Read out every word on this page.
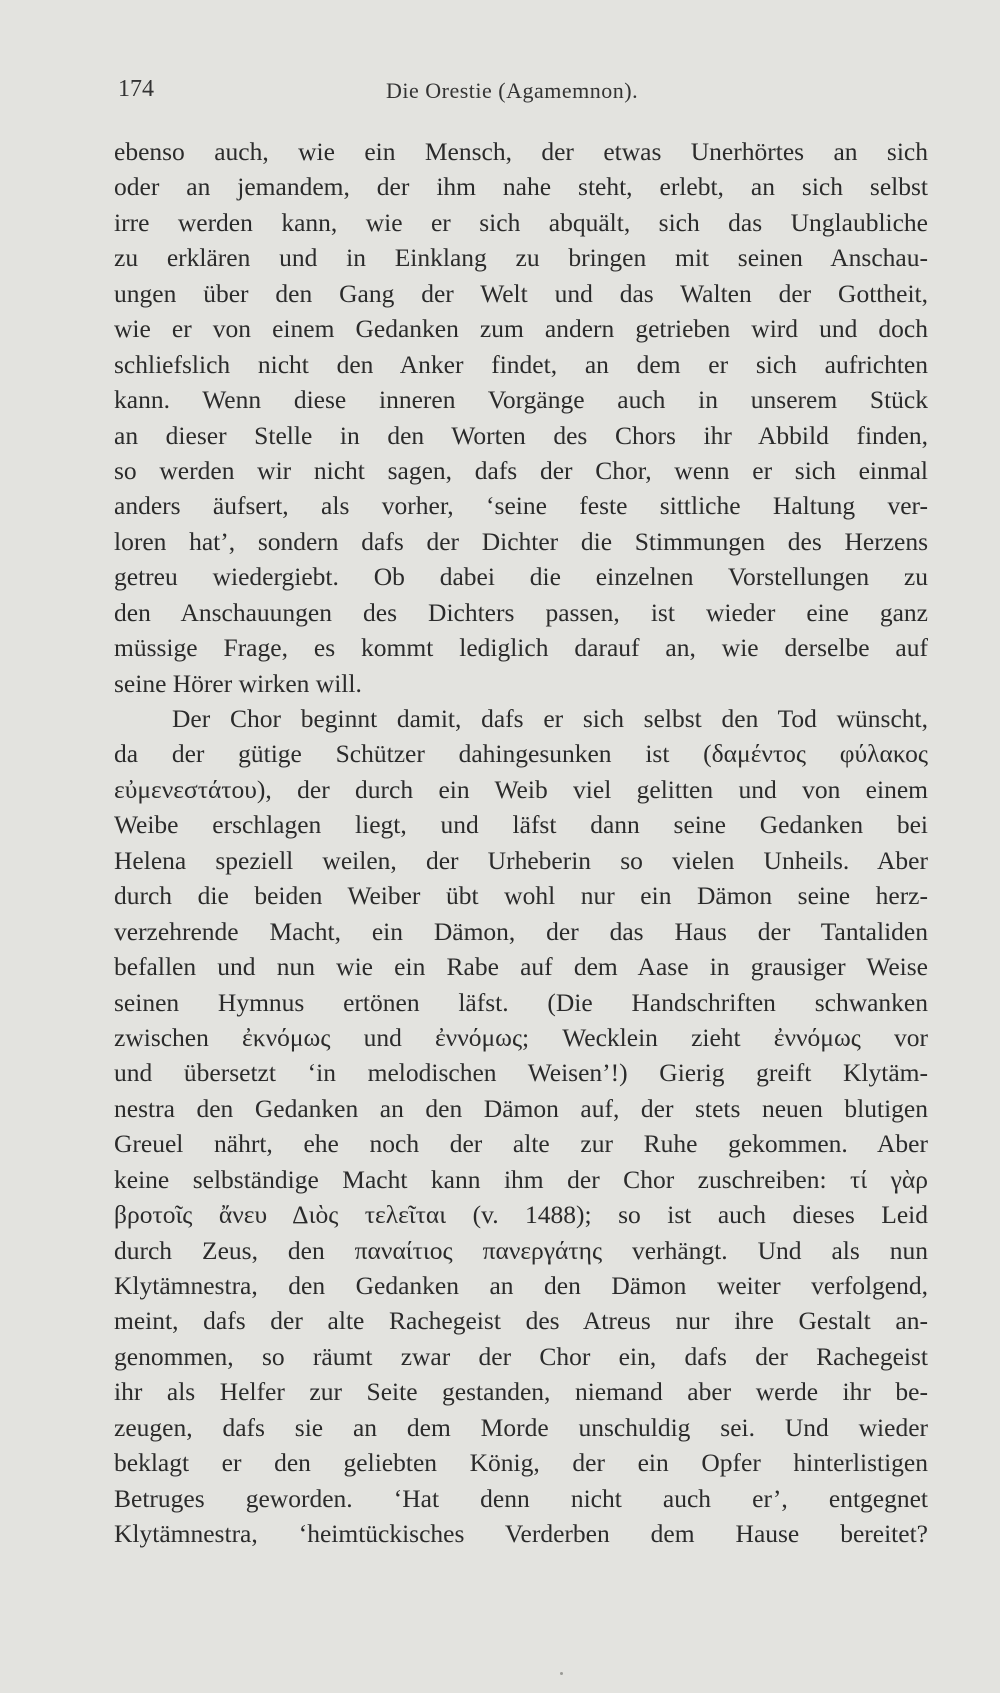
174	Die Orestie (Agamemnon).
ebenso auch, wie ein Mensch, der etwas Unerhörtes an sich
oder an jemandem, der ihm nahe steht, erlebt, an sich selbst
irre werden kann, wie er sich abquält, sich das Unglaubliche
zu erklären und in Einklang zu bringen mit seinen Anschau-
ungen über den Gang der Welt und das Walten der Gottheit,
wie er von einem Gedanken zum andern getrieben wird und doch
schliefslich nicht den Anker findet, an dem er sich aufrichten
kann. Wenn diese inneren Vorgänge auch in unserem Stück
an dieser Stelle in den Worten des Chors ihr Abbild finden,
so werden wir nicht sagen, dafs der Chor, wenn er sich einmal
anders äufsert, als vorher, ‘seine feste sittliche Haltung ver-
loren hat’, sondern dafs der Dichter die Stimmungen des Herzens
getreu wiedergiebt. Ob dabei die einzelnen Vorstellungen zu
den Anschauungen des Dichters passen, ist wieder eine ganz
müssige Frage, es kommt lediglich darauf an, wie derselbe auf
seine Hörer wirken will.
Der Chor beginnt damit, dafs er sich selbst den Tod wünscht,
da der gütige Schützer dahingesunken ist (δαμέντος φύλακος
εὐμενεστάτου), der durch ein Weib viel gelitten und von einem
Weibe erschlagen liegt, und läfst dann seine Gedanken bei
Helena speziell weilen, der Urheberin so vielen Unheils. Aber
durch die beiden Weiber übt wohl nur ein Dämon seine herz-
verzehrende Macht, ein Dämon, der das Haus der Tantaliden
befallen und nun wie ein Rabe auf dem Aase in grausiger Weise
seinen Hymnus ertönen läfst. (Die Handschriften schwanken
zwischen ἐκνόμως und ἐννόμως; Wecklein zieht ἐννόμως vor
und übersetzt ‘in melodischen Weisen’!) Gierig greift Klytäm-
nestra den Gedanken an den Dämon auf, der stets neuen blutigen
Greuel nährt, ehe noch der alte zur Ruhe gekommen. Aber
keine selbständige Macht kann ihm der Chor zuschreiben: τί γὰρ
βροτοῖς ἄνευ Διὸς τελεῖται (v. 1488); so ist auch dieses Leid
durch Zeus, den παναίτιος πανεργάτης verhängt. Und als nun
Klytämnestra, den Gedanken an den Dämon weiter verfolgend,
meint, dafs der alte Rachegeist des Atreus nur ihre Gestalt an-
genommen, so räumt zwar der Chor ein, dafs der Rachegeist
ihr als Helfer zur Seite gestanden, niemand aber werde ihr be-
zeugen, dafs sie an dem Morde unschuldig sei. Und wieder
beklagt er den geliebten König, der ein Opfer hinterlistigen
Betruges geworden. ‘Hat denn nicht auch er’, entgegnet
Klytämnestra, ‘heimtückisches Verderben dem Hause bereitet?
